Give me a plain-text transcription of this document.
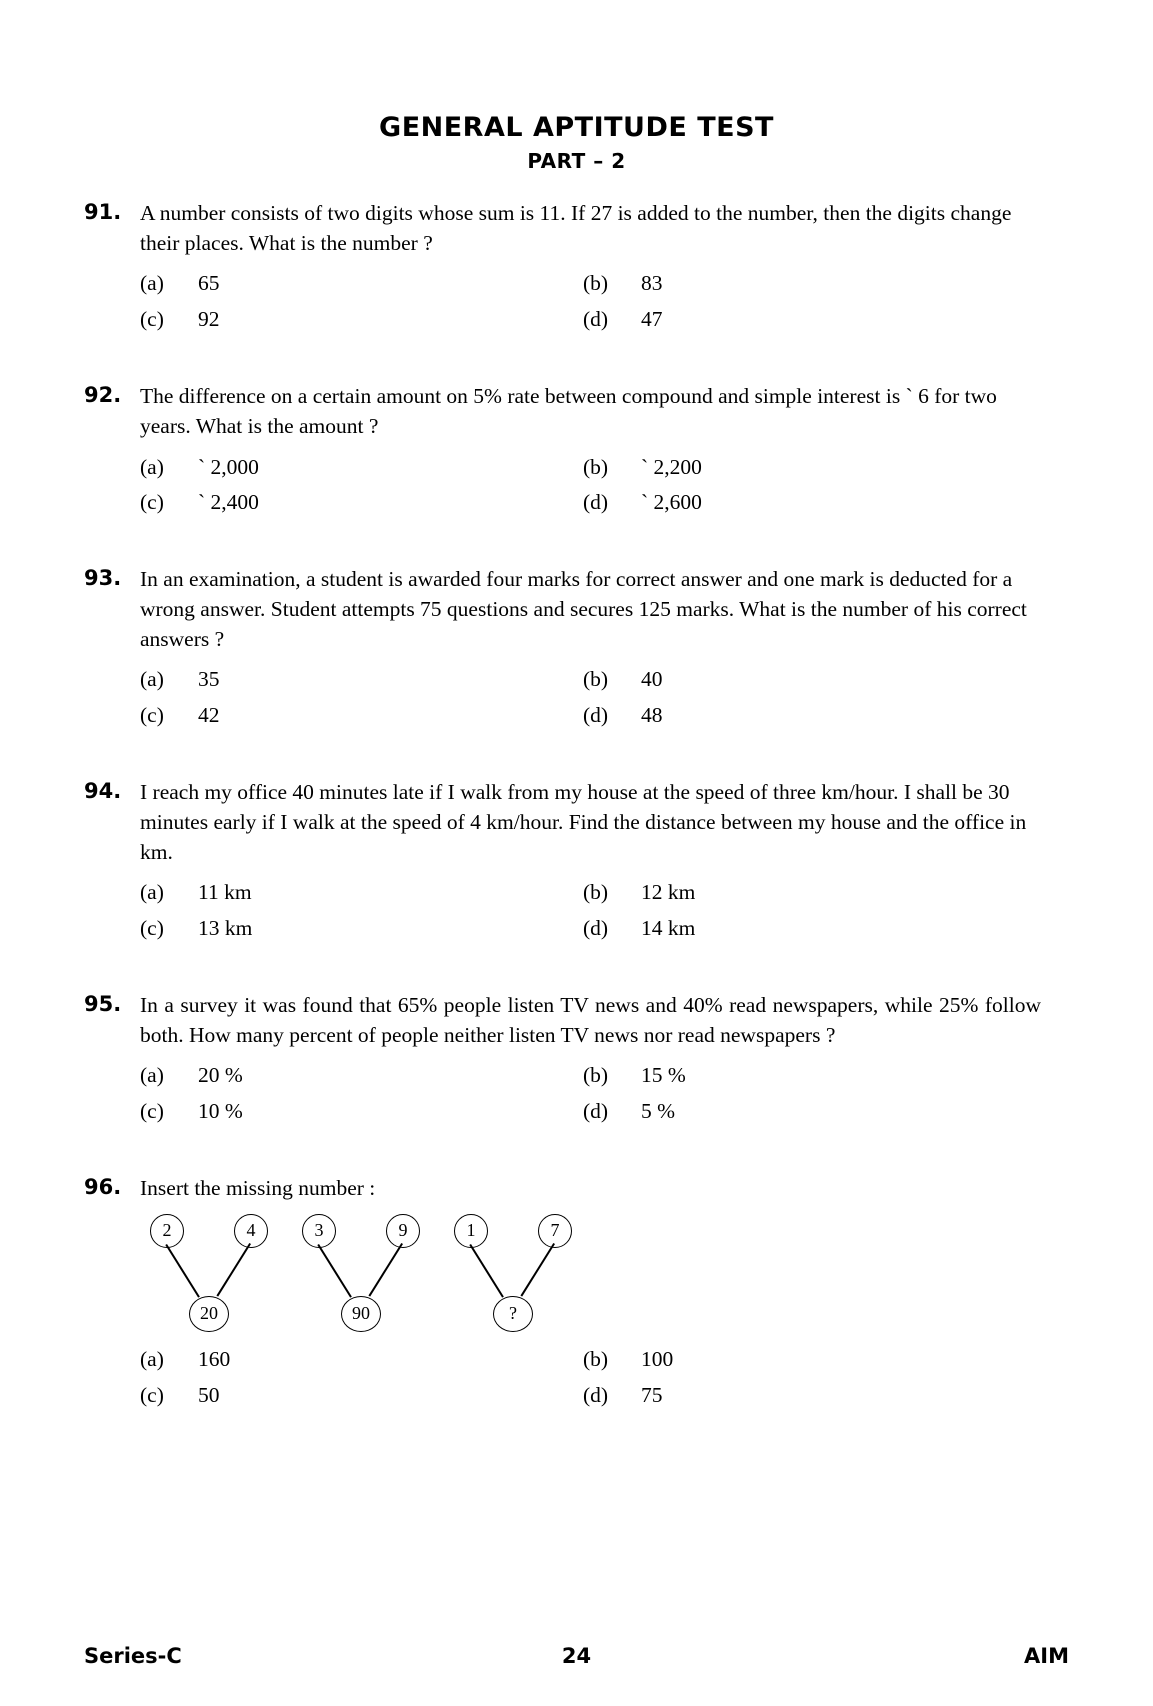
GENERAL APTITUDE TEST
PART – 2
91. A number consists of two digits whose sum is 11. If 27 is added to the number, then the digits change their places. What is the number ?
(a)	65	(b)	83
(c)	92	(d)	47
92. The difference on a certain amount on 5% rate between compound and simple interest is ` 6 for two years. What is the amount ?
(a)	` 2,000	(b)	` 2,200
(c)	` 2,400	(d)	` 2,600
93. In an examination, a student is awarded four marks for correct answer and one mark is deducted for a wrong answer. Student attempts 75 questions and secures 125 marks. What is the number of his correct answers ?
(a)	35	(b)	40
(c)	42	(d)	48
94. I reach my office 40 minutes late if I walk from my house at the speed of three km/hour. I shall be 30 minutes early if I walk at the speed of 4 km/hour. Find the distance between my house and the office in km.
(a)	11 km	(b)	12 km
(c)	13 km	(d)	14 km
95. In a survey it was found that 65% people listen TV news and 40% read newspapers, while 25% follow both. How many percent of people neither listen TV news nor read newspapers ?
(a)	20 %	(b)	15 %
(c)	10 %	(d)	5 %
96. Insert the missing number :
2	4
20
3	9
90
1	7
?
(a)	160	(b)	100
(c)	50	(d)	75
Series-C	24	AIM
